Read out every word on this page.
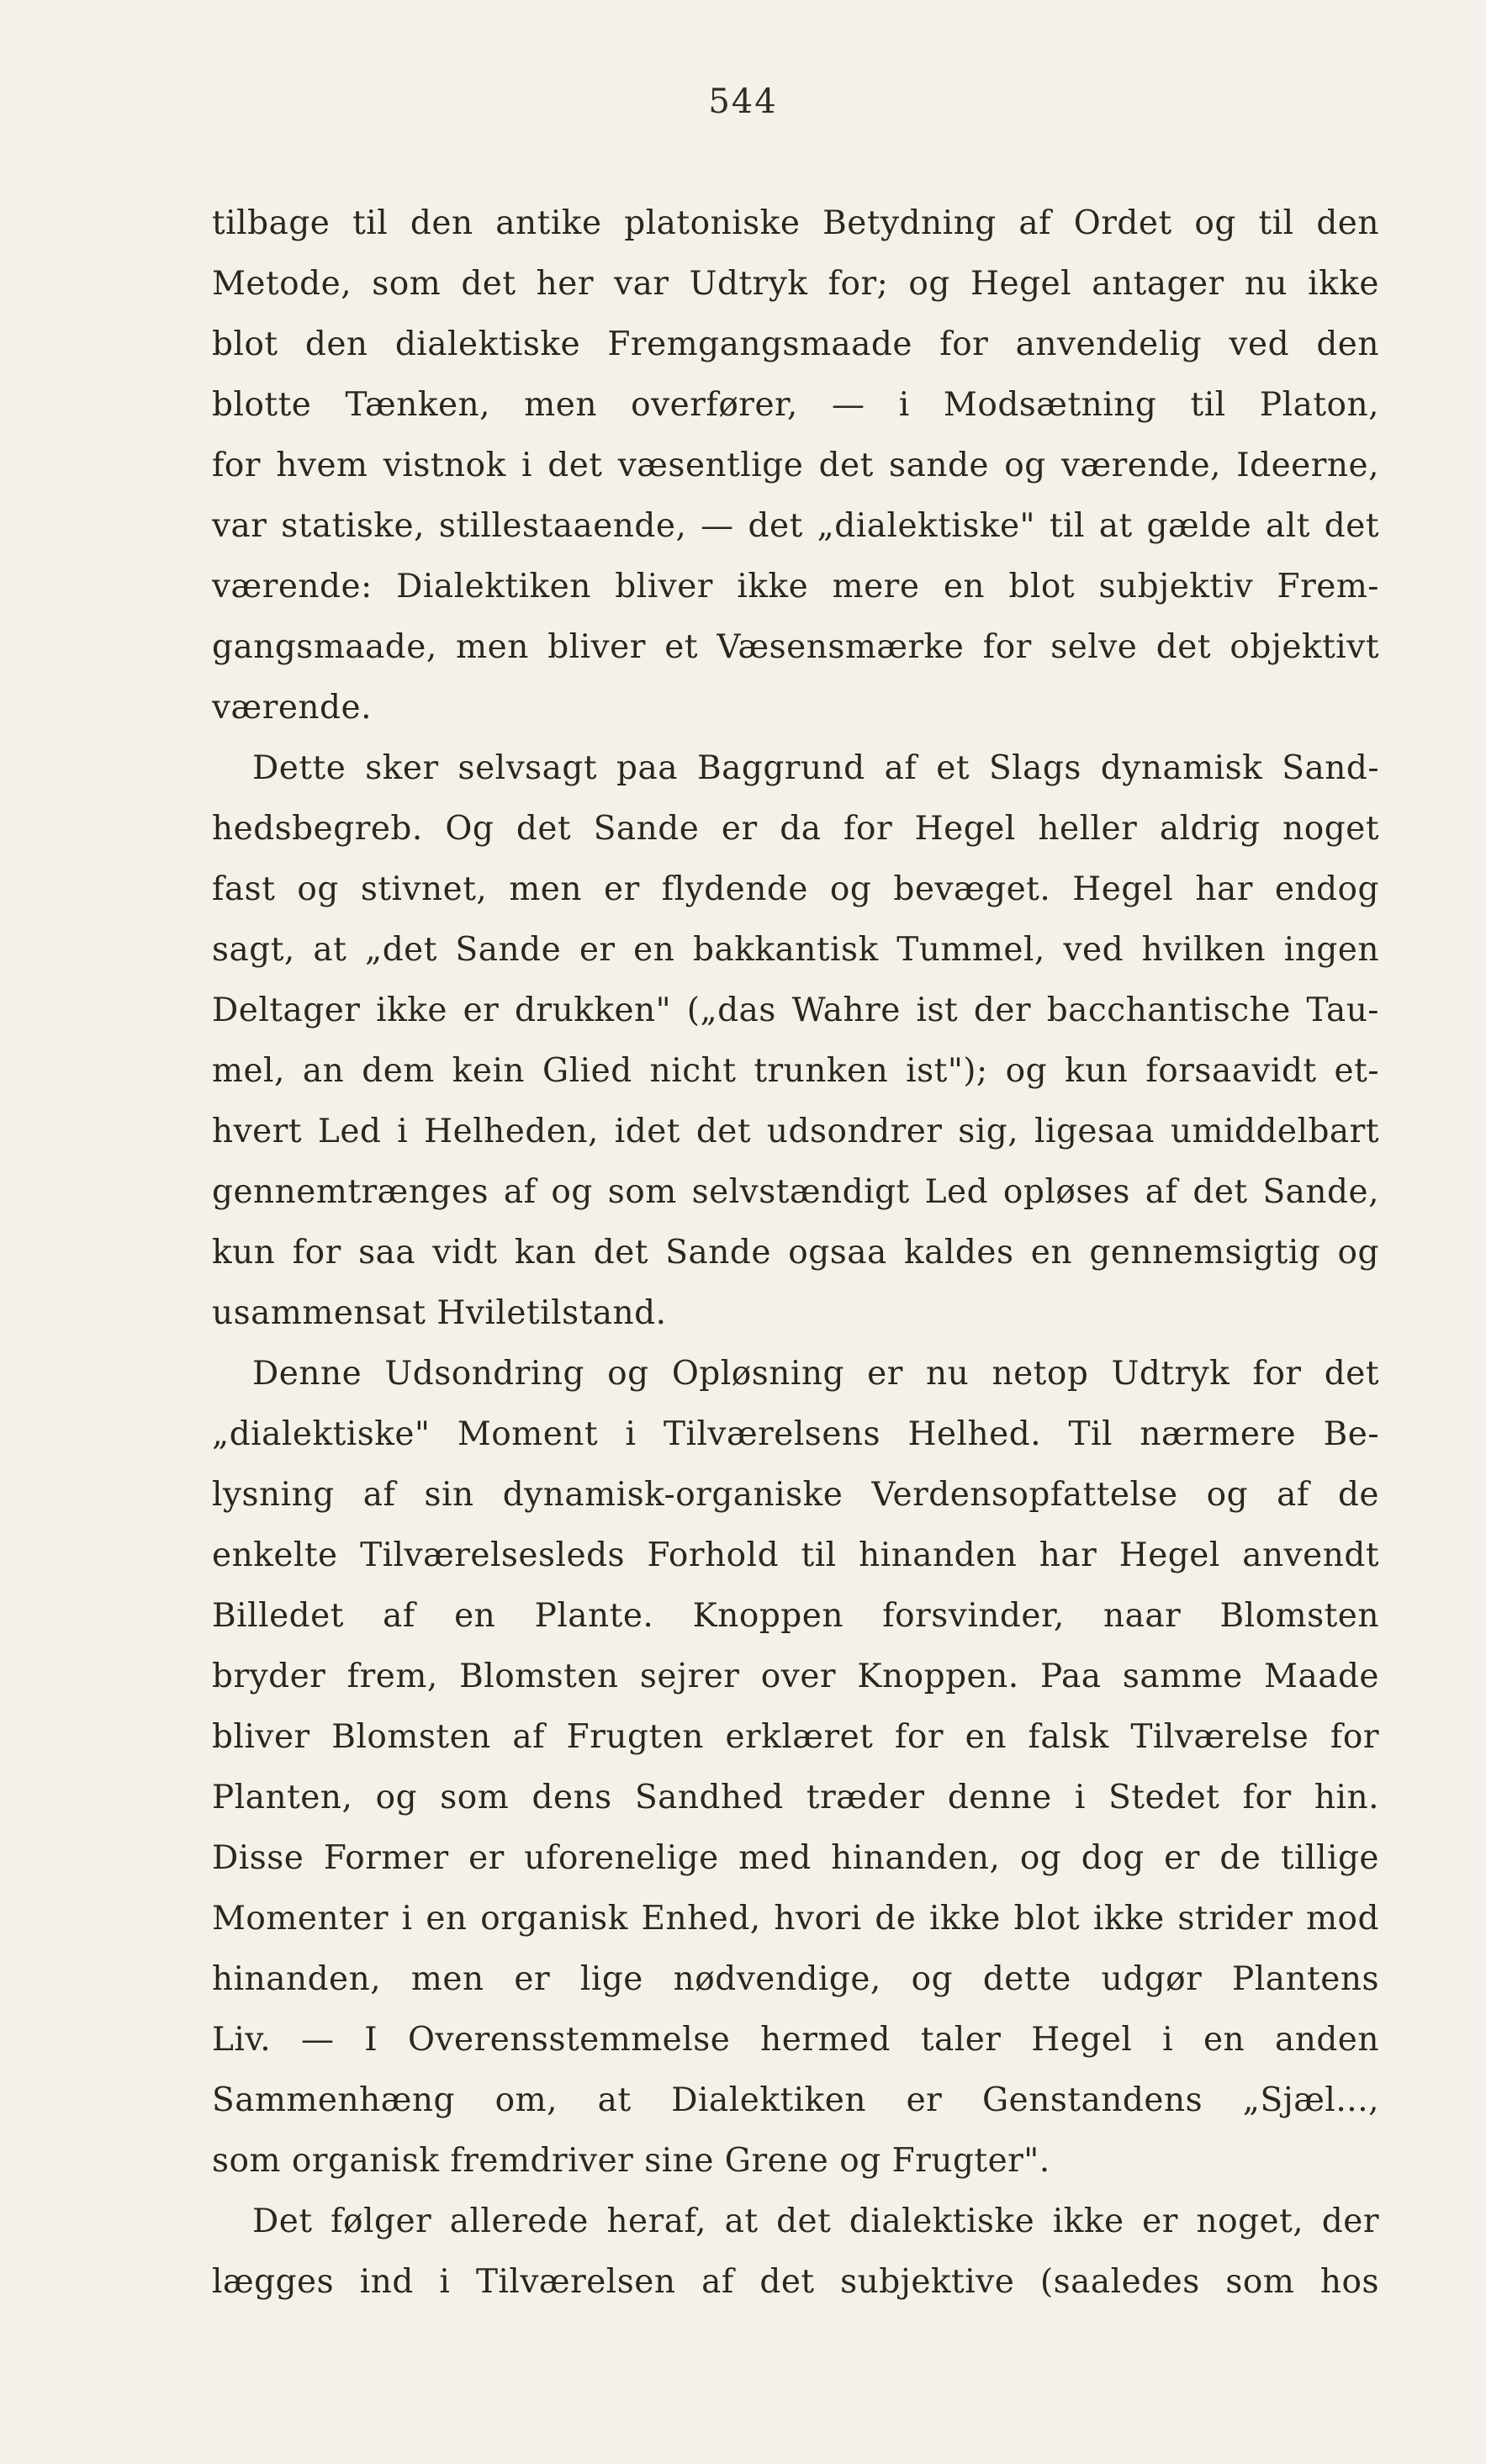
544
tilbage til den antike platoniske Betydning af Ordet og til den
Metode, som det her var Udtryk for; og Hegel antager nu ikke
blot den dialektiske Fremgangsmaade for anvendelig ved den
blotte Tænken, men overfører, — i Modsætning til Platon,
for hvem vistnok i det væsentlige det sande og værende, Ideerne,
var statiske, stillestaaende, — det „dialektiske" til at gælde alt det
værende: Dialektiken bliver ikke mere en blot subjektiv Frem-
gangsmaade, men bliver et Væsensmærke for selve det objektivt
værende.
Dette sker selvsagt paa Baggrund af et Slags dynamisk Sand-
hedsbegreb. Og det Sande er da for Hegel heller aldrig noget
fast og stivnet, men er flydende og bevæget. Hegel har endog
sagt, at „det Sande er en bakkantisk Tummel, ved hvilken ingen
Deltager ikke er drukken" („das Wahre ist der bacchantische Tau-
mel, an dem kein Glied nicht trunken ist"); og kun forsaavidt et-
hvert Led i Helheden, idet det udsondrer sig, ligesaa umiddelbart
gennemtrænges af og som selvstændigt Led opløses af det Sande,
kun for saa vidt kan det Sande ogsaa kaldes en gennemsigtig og
usammensat Hviletilstand.
Denne Udsondring og Opløsning er nu netop Udtryk for det
„dialektiske" Moment i Tilværelsens Helhed. Til nærmere Be-
lysning af sin dynamisk-organiske Verdensopfattelse og af de
enkelte Tilværelsesleds Forhold til hinanden har Hegel anvendt
Billedet af en Plante. Knoppen forsvinder, naar Blomsten
bryder frem, Blomsten sejrer over Knoppen. Paa samme Maade
bliver Blomsten af Frugten erklæret for en falsk Tilværelse for
Planten, og som dens Sandhed træder denne i Stedet for hin.
Disse Former er uforenelige med hinanden, og dog er de tillige
Momenter i en organisk Enhed, hvori de ikke blot ikke strider mod
hinanden, men er lige nødvendige, og dette udgør Plantens
Liv. — I Overensstemmelse hermed taler Hegel i en anden
Sammenhæng om, at Dialektiken er Genstandens „Sjæl...,
som organisk fremdriver sine Grene og Frugter".
Det følger allerede heraf, at det dialektiske ikke er noget, der
lægges ind i Tilværelsen af det subjektive (saaledes som hos
